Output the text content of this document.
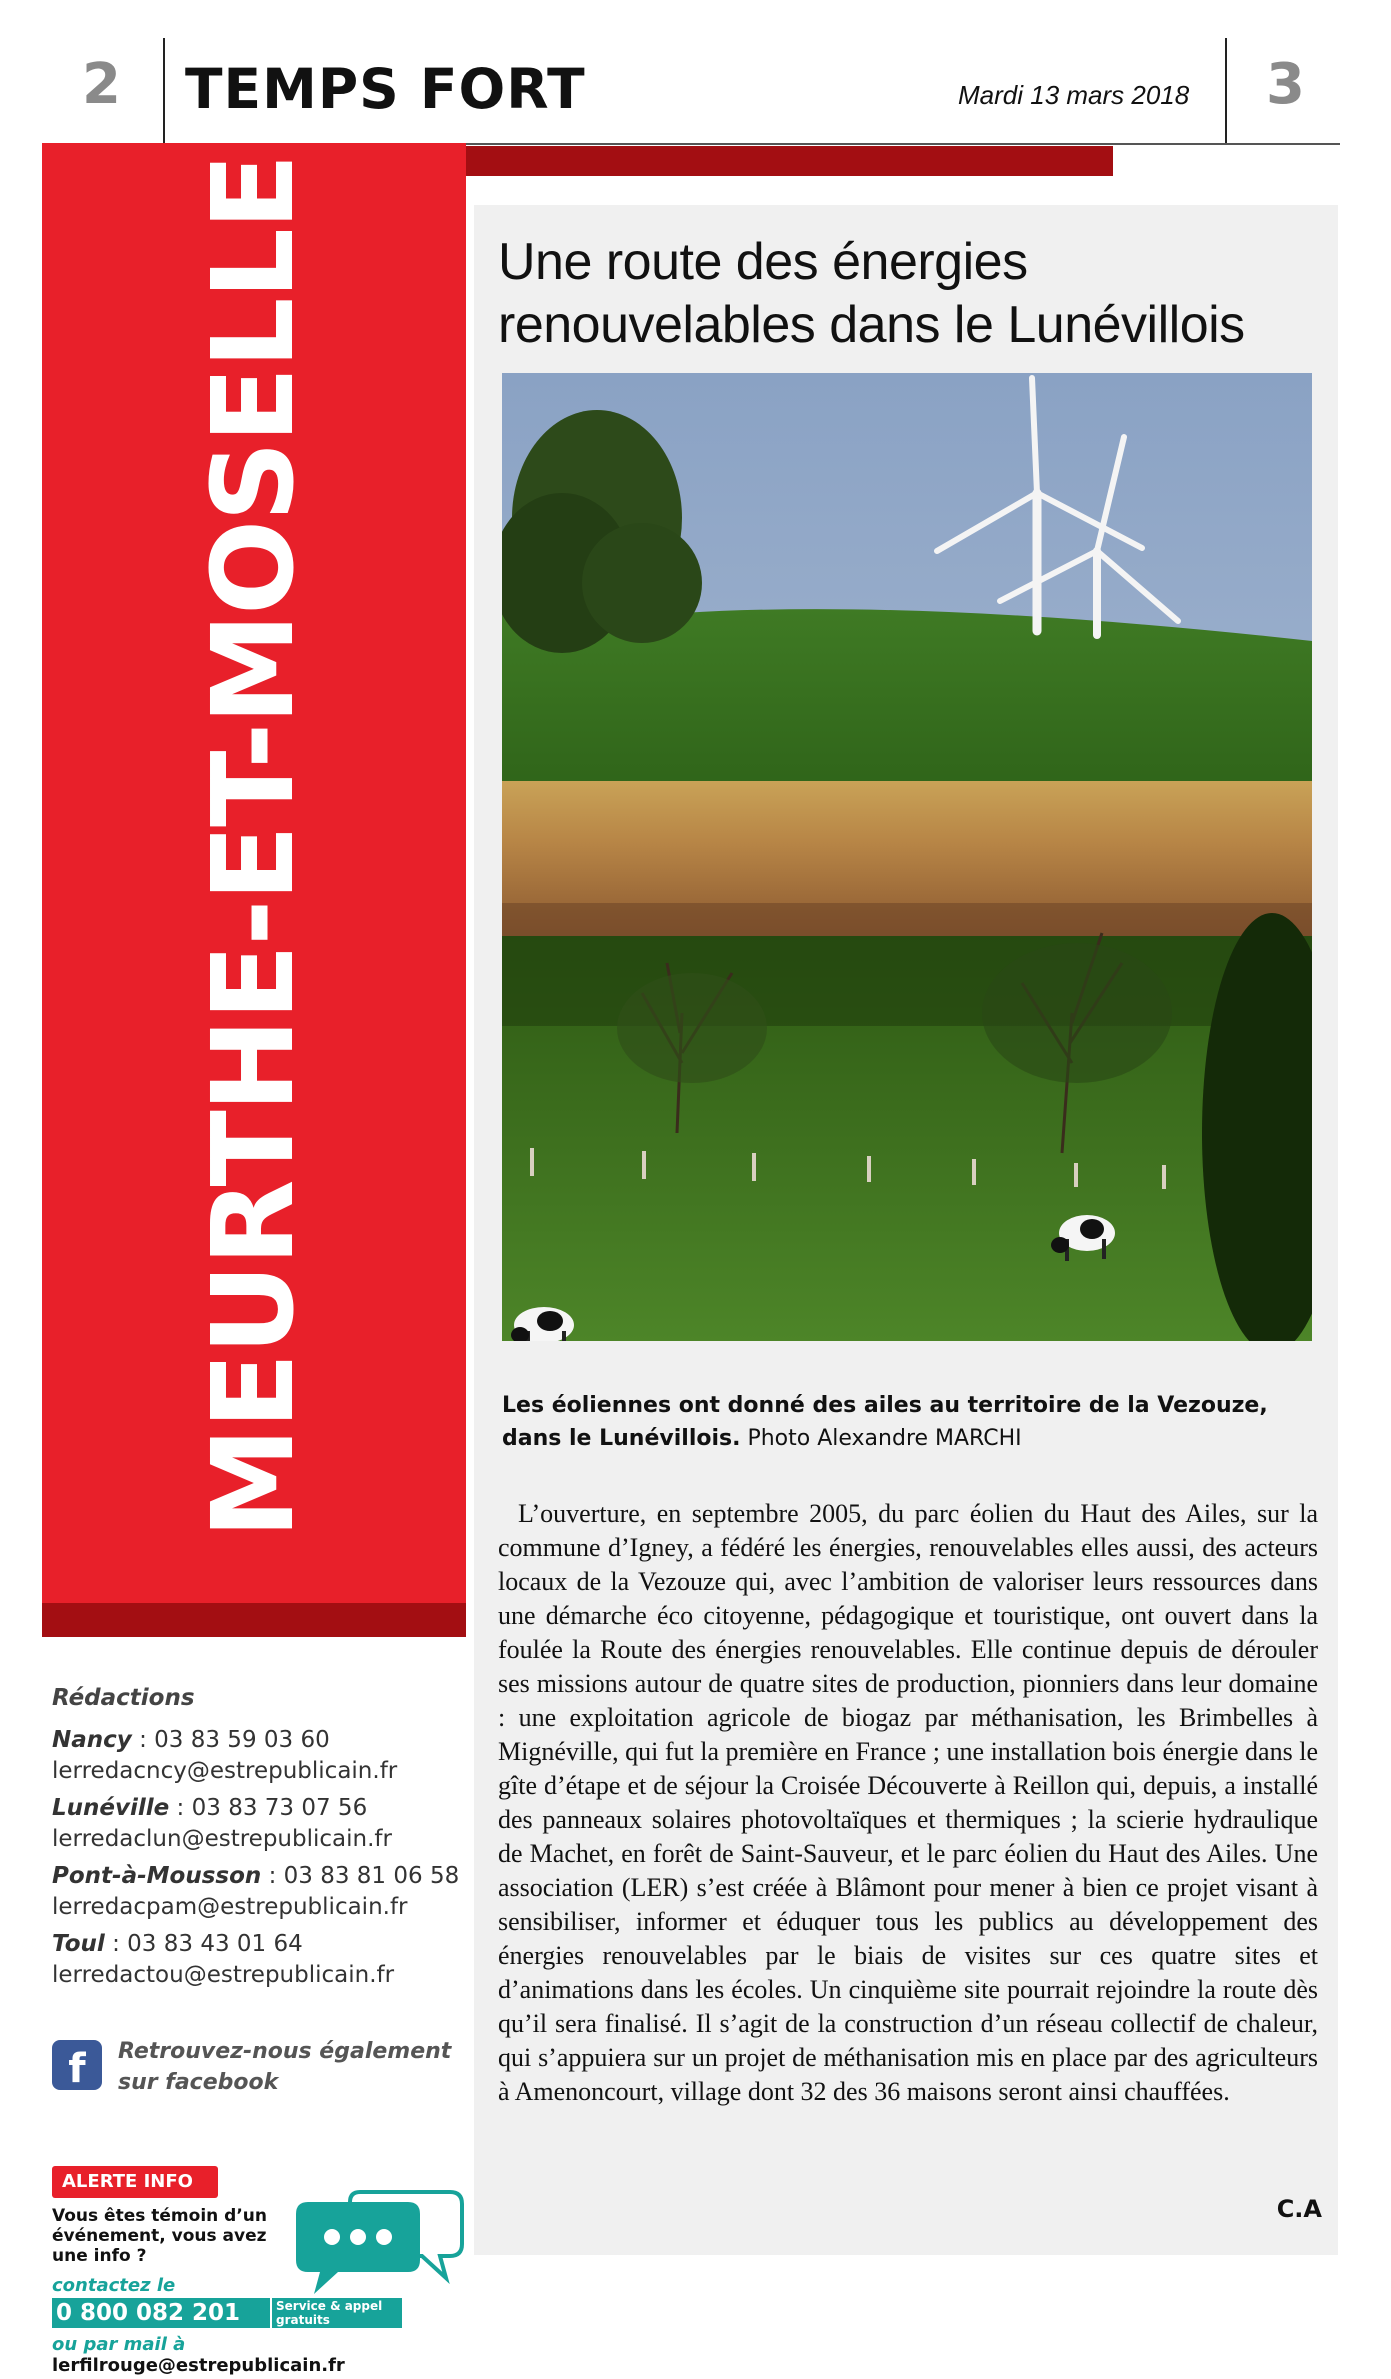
2 TEMPS FORT	Mardi 13 mars 2018 3
MEURTHE-ET-MOSELLE	Une route des énergies renouvelables dans le Lunévillois
Les éoliennes ont donné des ailes au territoire de la Vezouze, dans le Lunévillois. Photo Alexandre MARCHI

L’ouverture, en septembre 2005, du parc éolien du Haut des Ailes, sur la commune d’Igney, a fédéré les énergies, renouvelables elles aussi, des acteurs locaux de la Vezouze qui, avec l’ambition de valoriser leurs ressources dans une démarche éco citoyenne, pédagogique et touristique, ont ouvert dans la foulée la Route des énergies renouvelables. Elle continue depuis de dérouler ses missions autour de quatre sites de production, pionniers dans leur domaine : une exploitation agricole de biogaz par méthanisation, les Brimbelles à Mignéville, qui fut la première en France ; une installation bois énergie dans le gîte d’étape et de séjour la Croisée Découverte à Reillon qui, depuis, a installé des panneaux solaires photovoltaïques et thermiques ; la scierie hydraulique de Machet, en forêt de Saint-Sauveur, et le parc éolien du Haut des Ailes. Une association (LER) s’est créée à Blâmont pour mener à bien ce projet visant à sensibiliser, informer et éduquer tous les publics au développement des énergies renouvelables par le biais de visites sur ces quatre sites et d’animations dans les écoles. Un cinquième site pourrait rejoindre la route dès qu’il sera finalisé. Il s’agit de la construction d’un réseau collectif de chaleur, qui s’appuiera sur un projet de méthanisation mis en place par des agriculteurs à Amenoncourt, village dont 32 des 36 maisons seront ainsi chauffées.

C.A
Rédactions
Nancy : 03 83 59 03 60
lerredacncy@estrepublicain.fr
Lunéville : 03 83 73 07 56
lerredaclun@estrepublicain.fr
Pont-à-Mousson : 03 83 81 06 58
lerredacpam@estrepublicain.fr
Toul : 03 83 43 01 64
lerredactou@estrepublicain.fr
f	Retrouvez-nous également sur facebook
ALERTE INFO
Vous êtes témoin d’un événement, vous avez une info ?
contactez le
0 800 082 201	Service & appel gratuits
ou par mail à lerfilrouge@estrepublicain.fr
